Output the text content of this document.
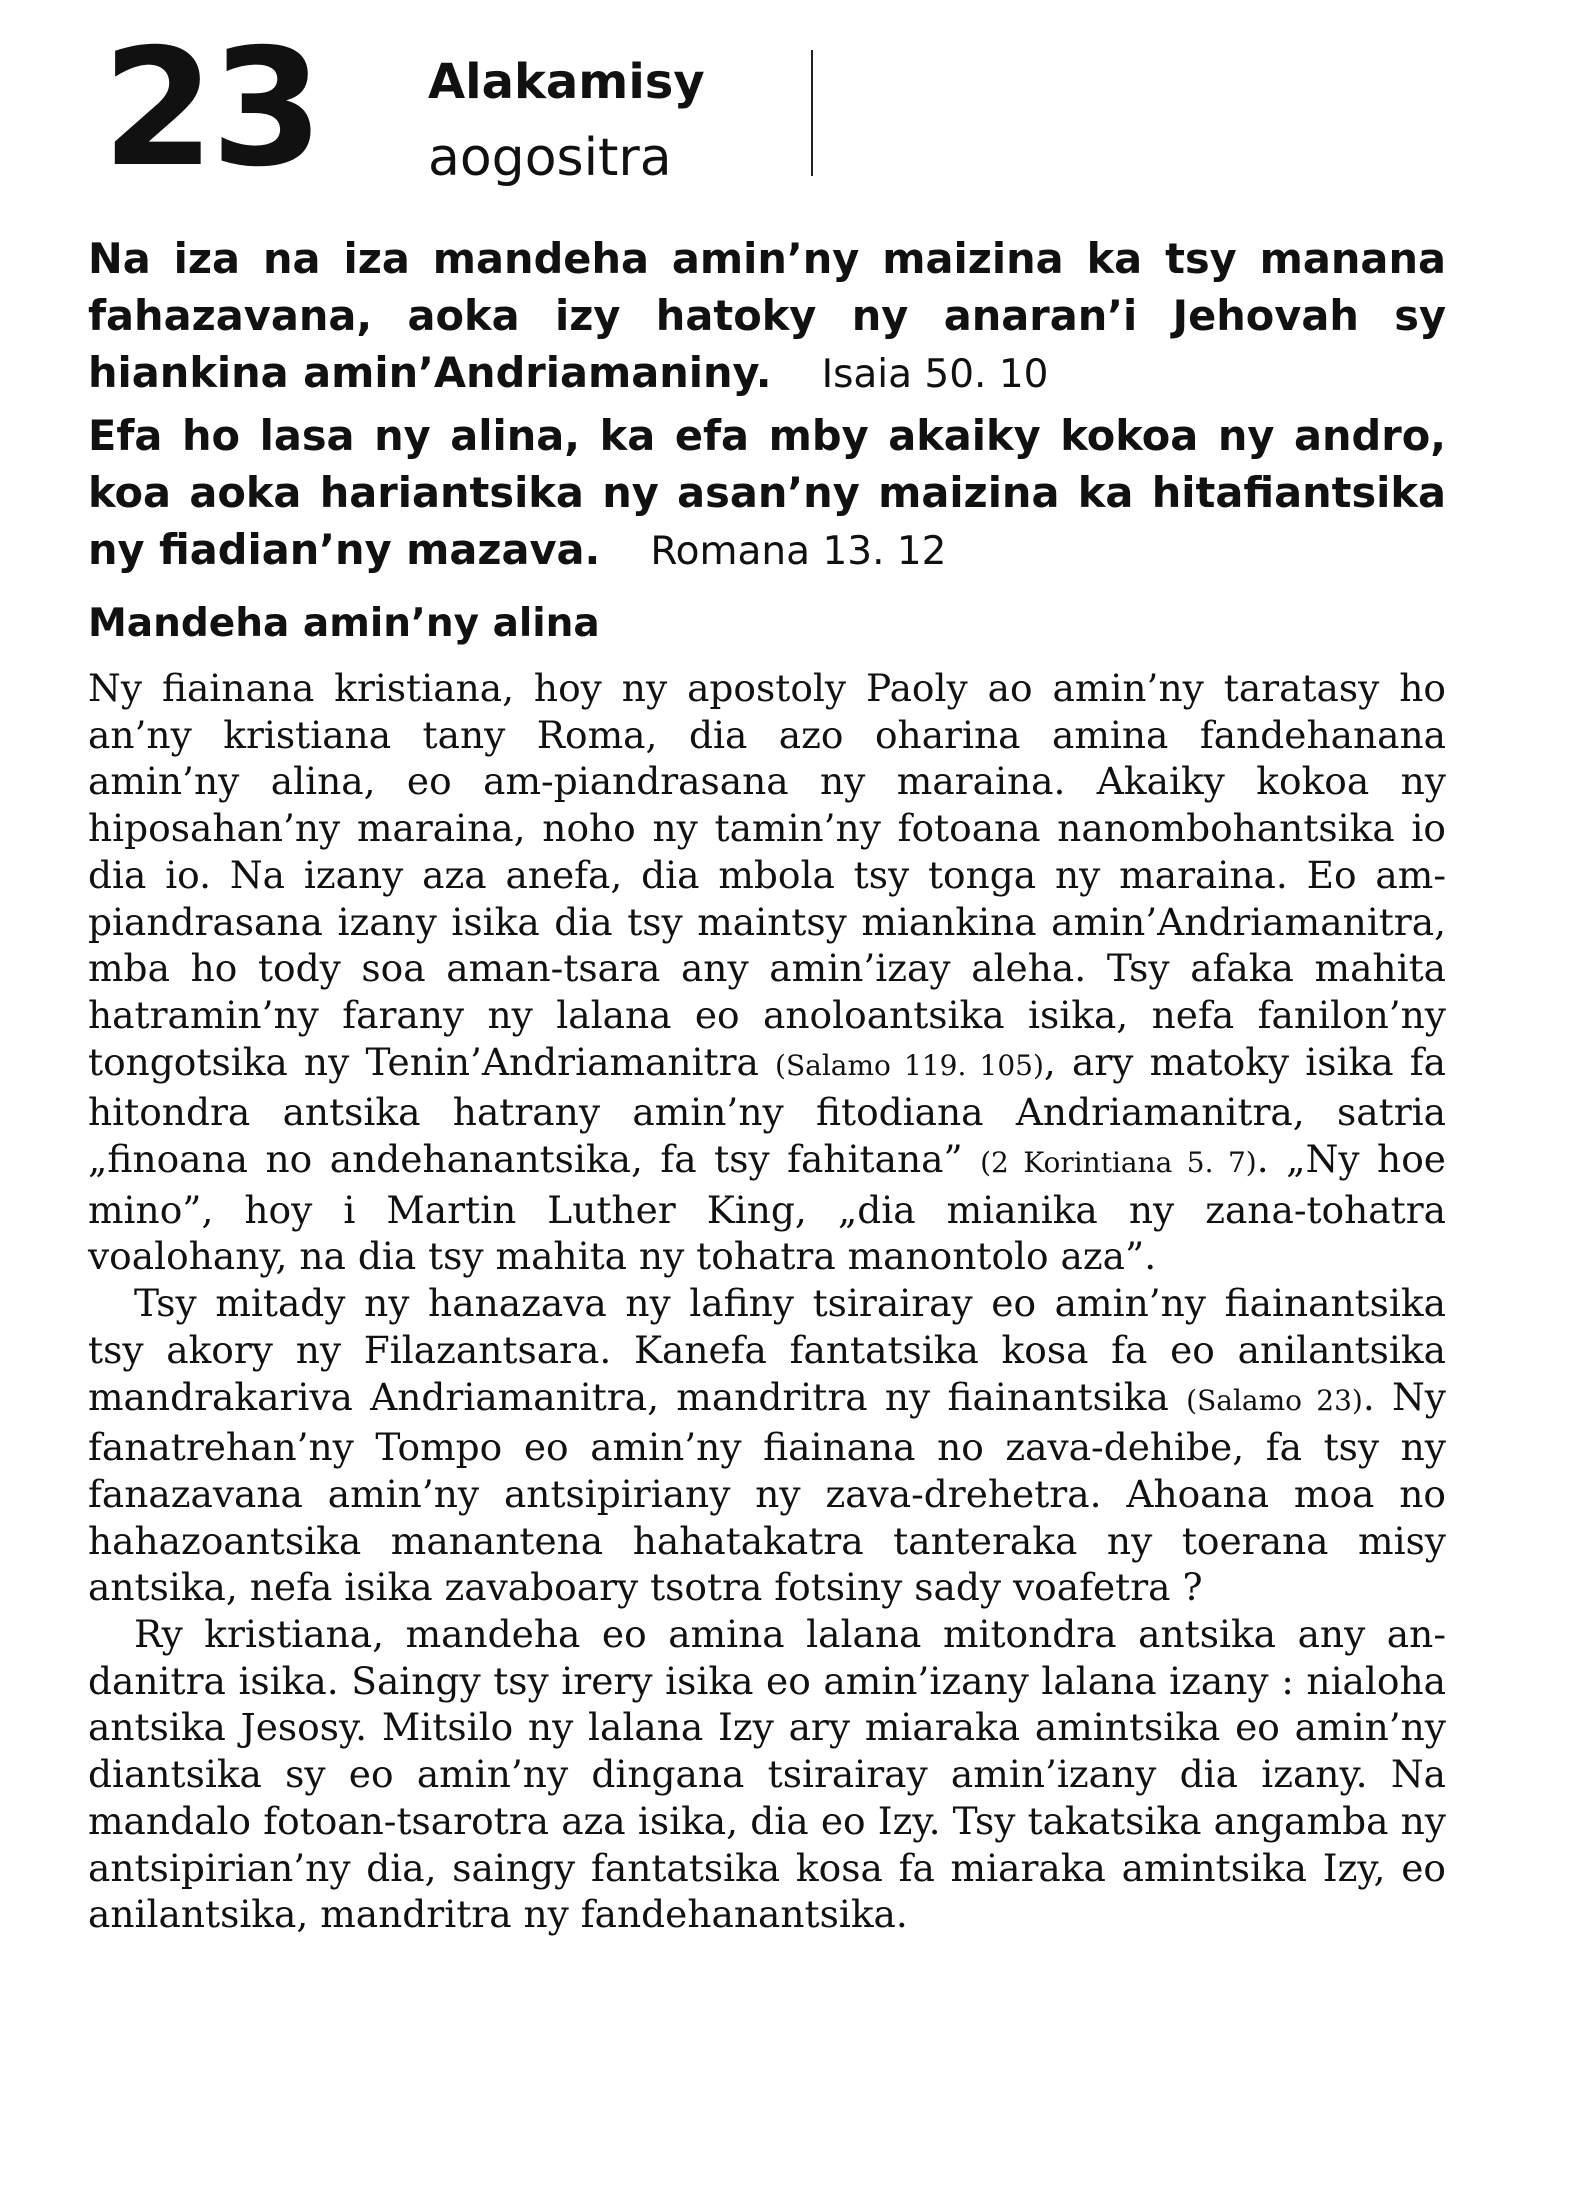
23 Alakamisy
aogositra

Na iza na iza mandeha amin’ny maizina ka tsy manana fahazavana, aoka izy hatoky ny anaran’i Jehovah sy hiankina amin’Andriamaniny. Isaia 50. 10

Efa ho lasa ny alina, ka efa mby akaiky kokoa ny andro, koa aoka hariantsika ny asan’ny maizina ka hitafiantsika ny fiadian’ny mazava. Romana 13. 12

Mandeha amin’ny alina

Ny fiainana kristiana, hoy ny apostoly Paoly ao amin’ny taratasy ho an’ny kristiana tany Roma, dia azo oharina amina fandehanana amin’ny alina, eo am-piandrasana ny maraina. Akaiky kokoa ny hiposahan’ny maraina, noho ny tamin’ny fotoana nanombohantsika io dia io. Na izany aza anefa, dia mbola tsy tonga ny maraina. Eo am-piandrasana izany isika dia tsy maintsy miankina amin’Andriamanitra, mba ho tody soa aman-tsara any amin’izay aleha. Tsy afaka mahita hatramin’ny farany ny lalana eo anoloantsika isika, nefa fanilon’ny tongotsika ny Tenin’Andriamanitra (Salamo 119. 105), ary matoky isika fa hitondra antsika hatrany amin’ny fitodiana Andriamanitra, satria „finoana no andehanantsika, fa tsy fahitana” (2 Korintiana 5. 7). „Ny hoe mino”, hoy i Martin Luther King, „dia mianika ny zana-tohatra voalohany, na dia tsy mahita ny tohatra manontolo aza”.

Tsy mitady ny hanazava ny lafiny tsirairay eo amin’ny fiainantsika tsy akory ny Filazantsara. Kanefa fantatsika kosa fa eo anilantsika mandrakariva Andriamanitra, mandritra ny fiainantsika (Salamo 23). Ny fanatrehan’ny Tompo eo amin’ny fiainana no zava-dehibe, fa tsy ny fanazavana amin’ny antsipiriany ny zava-drehetra. Ahoana moa no hahazoantsika manantena hahatakatra tanteraka ny toerana misy antsika, nefa isika zavaboary tsotra fotsiny sady voafetra ?

Ry kristiana, mandeha eo amina lalana mitondra antsika any an-danitra isika. Saingy tsy irery isika eo amin’izany lalana izany : nialoha antsika Jesosy. Mitsilo ny lalana Izy ary miaraka amintsika eo amin’ny diantsika sy eo amin’ny dingana tsirairay amin’izany dia izany. Na mandalo fotoan-tsarotra aza isika, dia eo Izy. Tsy takatsika angamba ny antsipirian’ny dia, saingy fantatsika kosa fa miaraka amintsika Izy, eo anilantsika, mandritra ny fandehanantsika.
